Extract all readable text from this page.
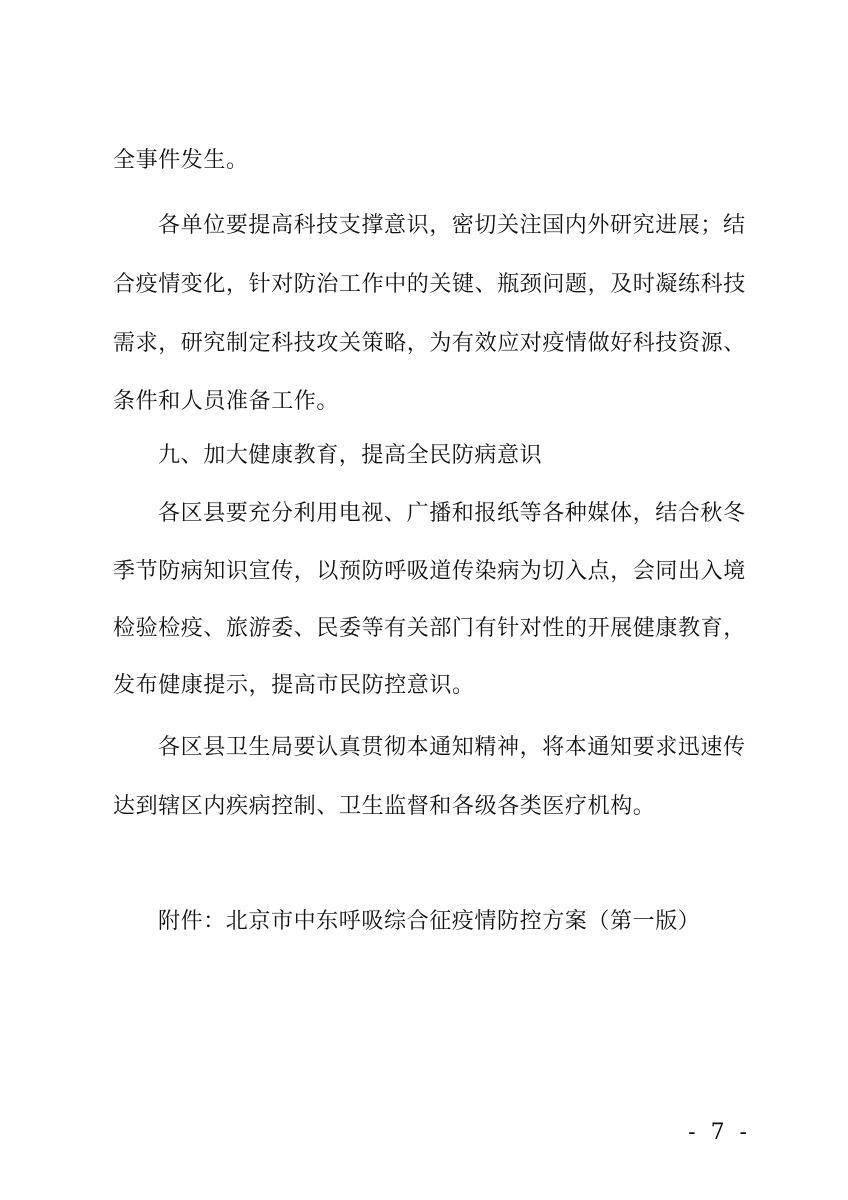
全事件发生。
各单位要提高科技支撑意识，密切关注国内外研究进展；结
合疫情变化，针对防治工作中的关键、瓶颈问题，及时凝练科技
需求，研究制定科技攻关策略，为有效应对疫情做好科技资源、
条件和人员准备工作。
九、加大健康教育，提高全民防病意识
各区县要充分利用电视、广播和报纸等各种媒体，结合秋冬
季节防病知识宣传，以预防呼吸道传染病为切入点，会同出入境
检验检疫、旅游委、民委等有关部门有针对性的开展健康教育，
发布健康提示，提高市民防控意识。
各区县卫生局要认真贯彻本通知精神，将本通知要求迅速传
达到辖区内疾病控制、卫生监督和各级各类医疗机构。
附件：北京市中东呼吸综合征疫情防控方案（第一版）
- 7 -
